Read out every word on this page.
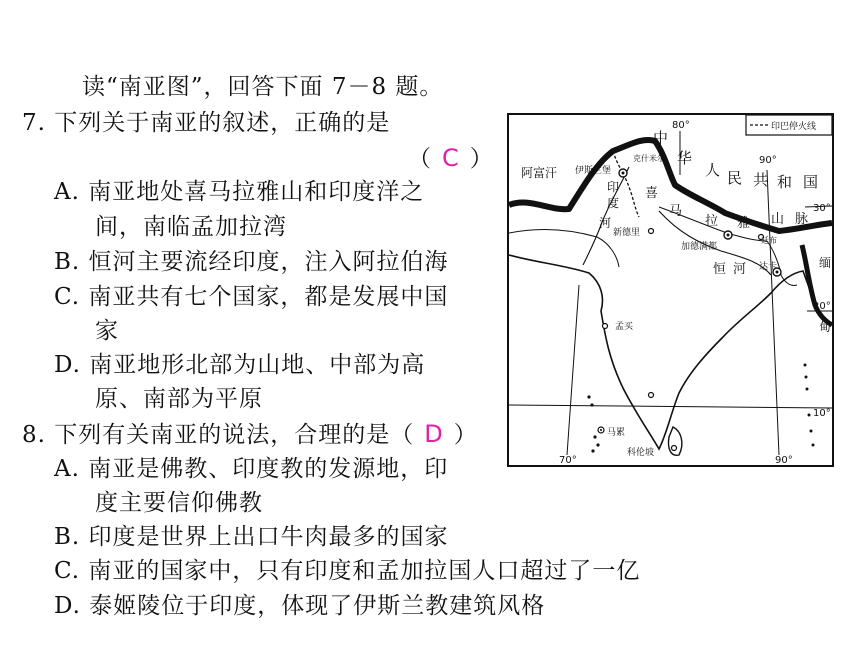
读“南亚图”，回答下面 7－8 题。
7. 下列关于南亚的叙述，正确的是
（ C ）
A. 南亚地处喜马拉雅山和印度洋之
间，南临孟加拉湾
B. 恒河主要流经印度，注入阿拉伯海
C. 南亚共有七个国家，都是发展中国
家
D. 南亚地形北部为山地、中部为高
原、南部为平原
8. 下列有关南亚的说法，合理的是（ D ）
A. 南亚是佛教、印度教的发源地，印
度主要信仰佛教
B. 印度是世界上出口牛肉最多的国家
C. 南亚的国家中，只有印度和孟加拉国人口超过了一亿
D. 泰姬陵位于印度，体现了伊斯兰教建筑风格
印巴停火线
80°
90°
70°	90°
30°
20°
10°
中
华
人 民 共 和 国
阿富汗 伊斯兰堡
克什米尔
印
度
河
喜
马
拉 雅 山 脉
新德里
加德满都
廷布
恒 河 达卡	缅
甸
孟买
马累
科伦坡
